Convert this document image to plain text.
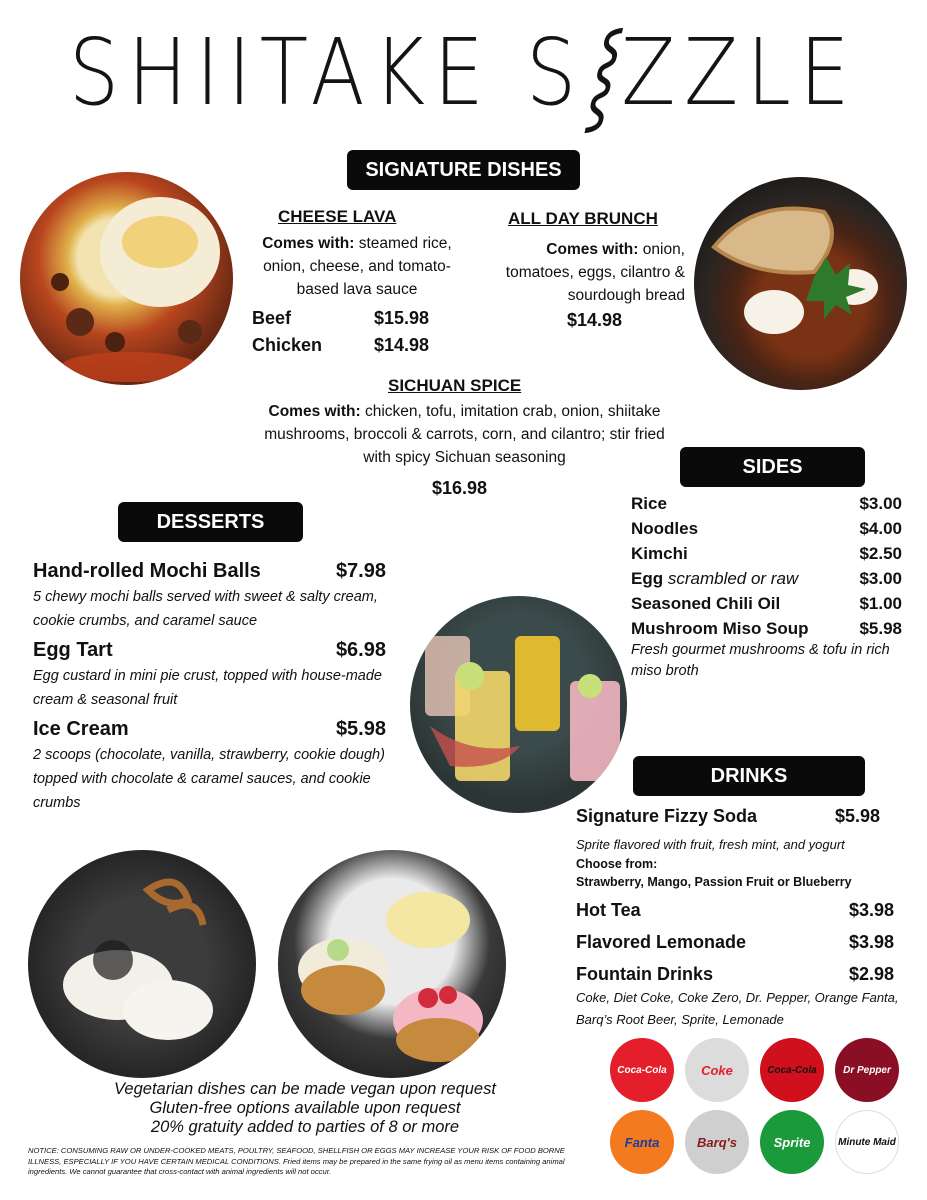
SHIITAKE S⸾ZZLE
SIGNATURE DISHES
CHEESE LAVA
Comes with: steamed rice, onion, cheese, and tomato-based lava sauce
Beef	$15.98
Chicken	$14.98
ALL DAY BRUNCH
Comes with: onion, tomatoes, eggs, cilantro & sourdough bread
$14.98
SICHUAN SPICE
Comes with: chicken, tofu, imitation crab, onion, shiitake mushrooms, broccoli & carrots, corn, and cilantro; stir fried with spicy Sichuan seasoning
$16.98
SIDES
Rice	$3.00
Noodles	$4.00
Kimchi	$2.50
Egg scrambled or raw	$3.00
Seasoned Chili Oil	$1.00
Mushroom Miso Soup	$5.98
Fresh gourmet mushrooms & tofu in rich miso broth
DESSERTS
Hand-rolled Mochi Balls	$7.98
5 chewy mochi balls served with sweet & salty cream, cookie crumbs, and caramel sauce
Egg Tart	$6.98
Egg custard in mini pie crust, topped with house-made cream & seasonal fruit
Ice Cream	$5.98
2 scoops (chocolate, vanilla, strawberry, cookie dough) topped with chocolate & caramel sauces, and cookie crumbs
DRINKS
Signature Fizzy Soda	$5.98
Sprite flavored with fruit, fresh mint, and yogurt
Choose from:
Strawberry, Mango, Passion Fruit or Blueberry
Hot Tea	$3.98
Flavored Lemonade	$3.98
Fountain Drinks	$2.98
Coke, Diet Coke, Coke Zero, Dr. Pepper, Orange Fanta, Barq’s Root Beer, Sprite, Lemonade
Coca-Cola	Coke	Coca-Cola	Dr Pepper
Fanta	Barq's	Sprite	Minute Maid
Vegetarian dishes can be made vegan upon request
Gluten-free options available upon request
20% gratuity added to parties of 8 or more
NOTICE: CONSUMING RAW OR UNDER-COOKED MEATS, POULTRY, SEAFOOD, SHELLFISH OR EGGS MAY INCREASE YOUR RISK OF FOOD BORNE ILLNESS, ESPECIALLY IF YOU HAVE CERTAIN MEDICAL CONDITIONS. Fried items may be prepared in the same frying oil as menu items containing animal ingredients. We cannot guarantee that cross-contact with animal ingredients will not occur.
